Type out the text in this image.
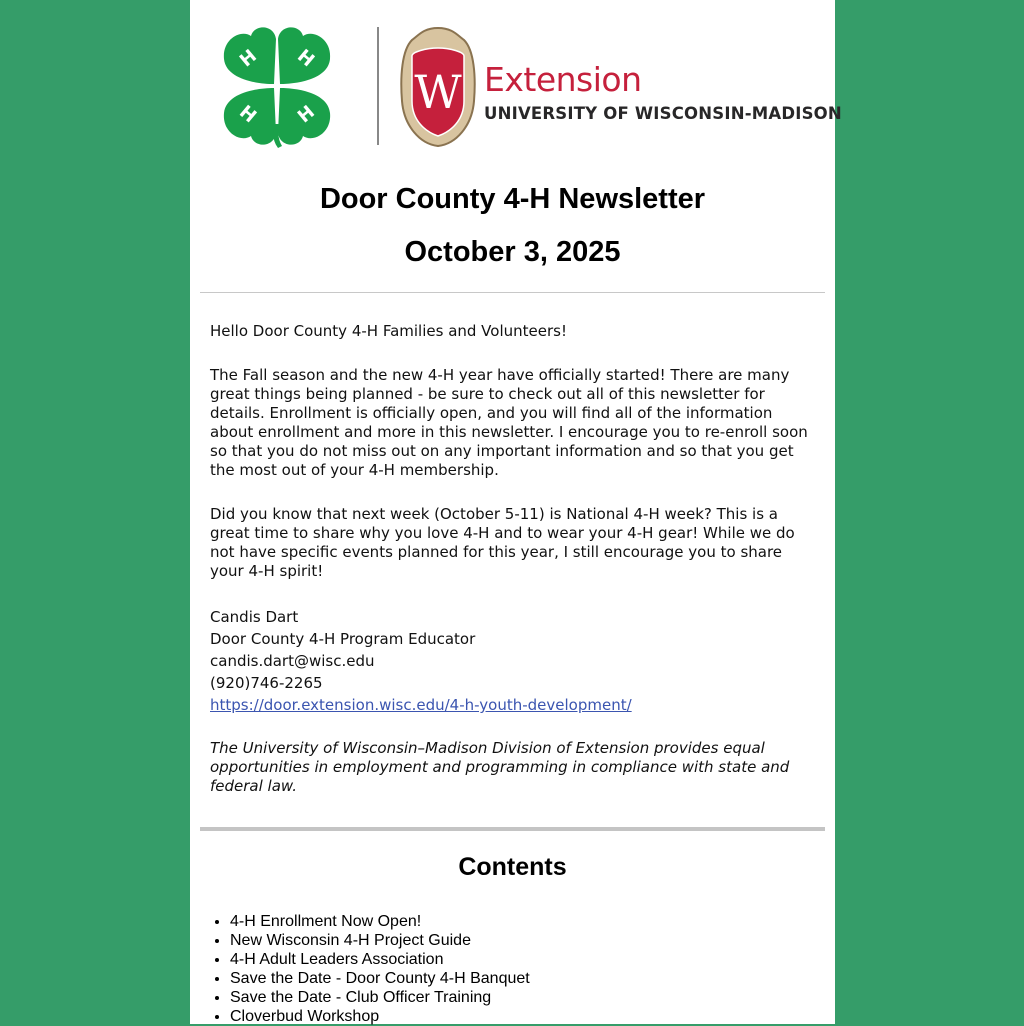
H H
H H W Extension
UNIVERSITY OF WISCONSIN-MADISON
Door County 4-H Newsletter
October 3, 2025

Hello Door County 4-H Families and Volunteers!

The Fall season and the new 4-H year have officially started! There are many great things being planned - be sure to check out all of this newsletter for details. Enrollment is officially open, and you will find all of the information about enrollment and more in this newsletter. I encourage you to re-enroll soon so that you do not miss out on any important information and so that you get the most out of your 4-H membership.

Did you know that next week (October 5-11) is National 4-H week? This is a great time to share why you love 4-H and to wear your 4-H gear! While we do not have specific events planned for this year, I still encourage you to share your 4-H spirit!

Candis Dart
Door County 4-H Program Educator
candis.dart@wisc.edu
(920)746-2265
https://door.extension.wisc.edu/4-h-youth-development/

The University of Wisconsin–Madison Division of Extension provides equal opportunities in employment and programming in compliance with state and federal law.

Contents
• 4-H Enrollment Now Open!
• New Wisconsin 4-H Project Guide
• 4-H Adult Leaders Association
• Save the Date - Door County 4-H Banquet
• Save the Date - Club Officer Training
• Cloverbud Workshop
